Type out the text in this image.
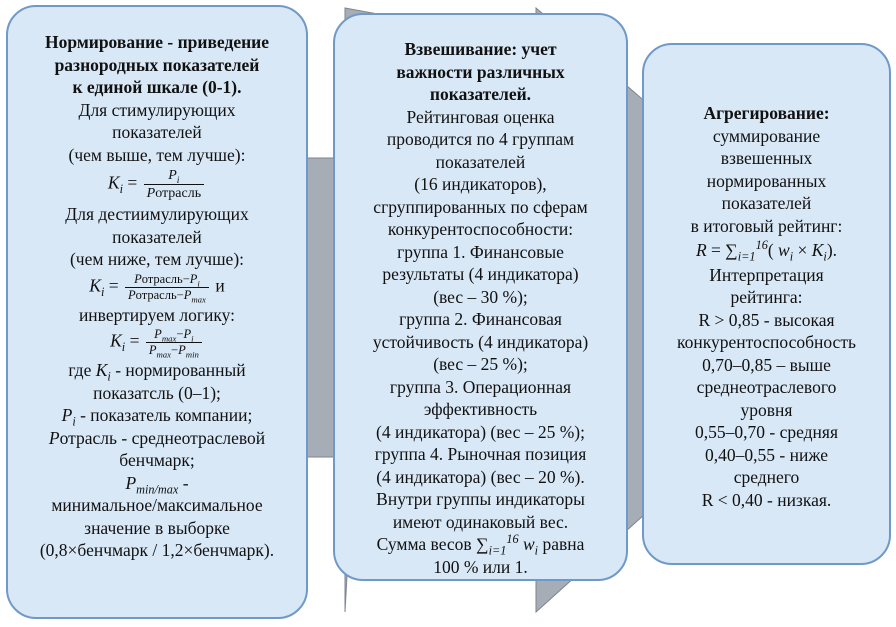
Нормирование - приведение
разнородных показателей
к единой шкале (0-1).
Для стимулирующих
показателей
(чем выше, тем лучше):
$K_i = \frac{P_i}{\text{Pотрасль}}$
Для дестиимулирующих
показателей
(чем ниже, тем лучше):
$K_i = \frac{Pотрасль-P_i}{Pотрасль-P_{max}}$ и
инвертируем логику:
$K_i = \frac{P_{max}-P_i}{P_{max}-P_{min}}$
где $K_i$ - нормированный
показатсль (0–1);
$P_i$ - показатель компании;
Pотрасль - среднеотраслевой
бенчмарк;
$P_{min/max}$ -
минимальное/максимальное
значение в выборке
(0,8×бенчмарк / 1,2×бенчмарк).
Взвешивание: учет
важности различных
показателей.
Рейтинговая оценка
проводится по 4 группам
показателей
(16 индикаторов),
сгруппированных по сферам
конкурентоспособности:
группа 1. Финансовые
результаты (4 индикатора)
(вес – 30 %);
группа 2. Финансовая
устойчивость (4 индикатора)
(вес – 25 %);
группа 3. Операционная
эффективность
(4 индикатора) (вес – 25 %);
группа 4. Рыночная позиция
(4 индикатора) (вес – 20 %).
Внутри группы индикаторы
имеют одинаковый вес.
Сумма весов $\sum_{i=1}^{16}$ $w_i$ равна
100 % или 1.
Агрегирование:
суммирование
взвешенных
нормированных
показателей
в итоговый рейтинг:
$R = \sum_{i=1}^{16}$( $w_i \times K_i$).
Интерпретация
рейтинга:
R > 0,85 - высокая
конкурентоспособность
0,70–0,85 – выше
среднеотраслевого
уровня
0,55–0,70 - средняя
0,40–0,55 - ниже
среднего
R < 0,40 - низкая.
